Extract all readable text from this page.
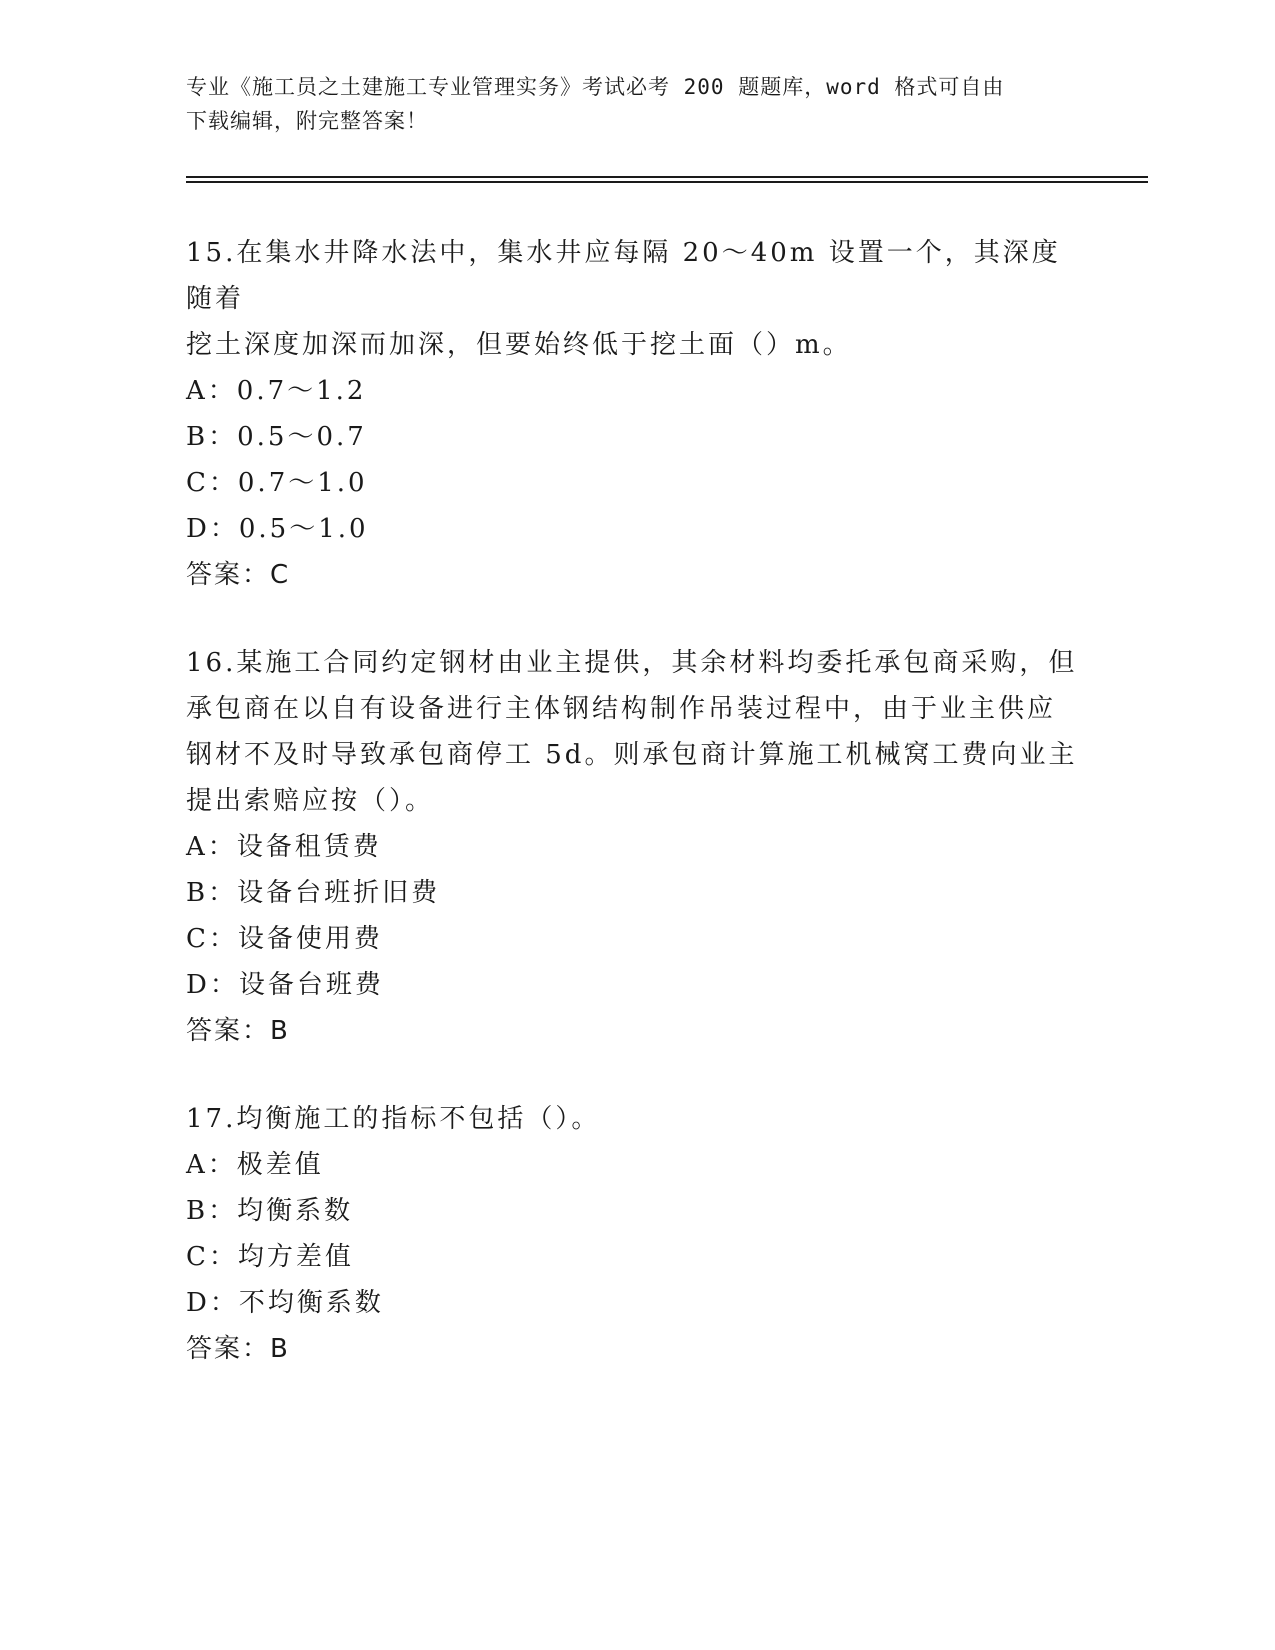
专业《施工员之土建施工专业管理实务》考试必考 200 题题库，word 格式可自由
下载编辑，附完整答案！
15.在集水井降水法中，集水井应每隔 20～40m 设置一个，其深度随着
挖土深度加深而加深，但要始终低于挖土面（）m。
A：0.7～1.2
B：0.5～0.7
C：0.7～1.0
D：0.5～1.0
答案：C
16.某施工合同约定钢材由业主提供，其余材料均委托承包商采购，但
承包商在以自有设备进行主体钢结构制作吊装过程中，由于业主供应
钢材不及时导致承包商停工 5d。则承包商计算施工机械窝工费向业主
提出索赔应按（）。
A：设备租赁费
B：设备台班折旧费
C：设备使用费
D：设备台班费
答案：B
17.均衡施工的指标不包括（）。
A：极差值
B：均衡系数
C：均方差值
D：不均衡系数
答案：B
